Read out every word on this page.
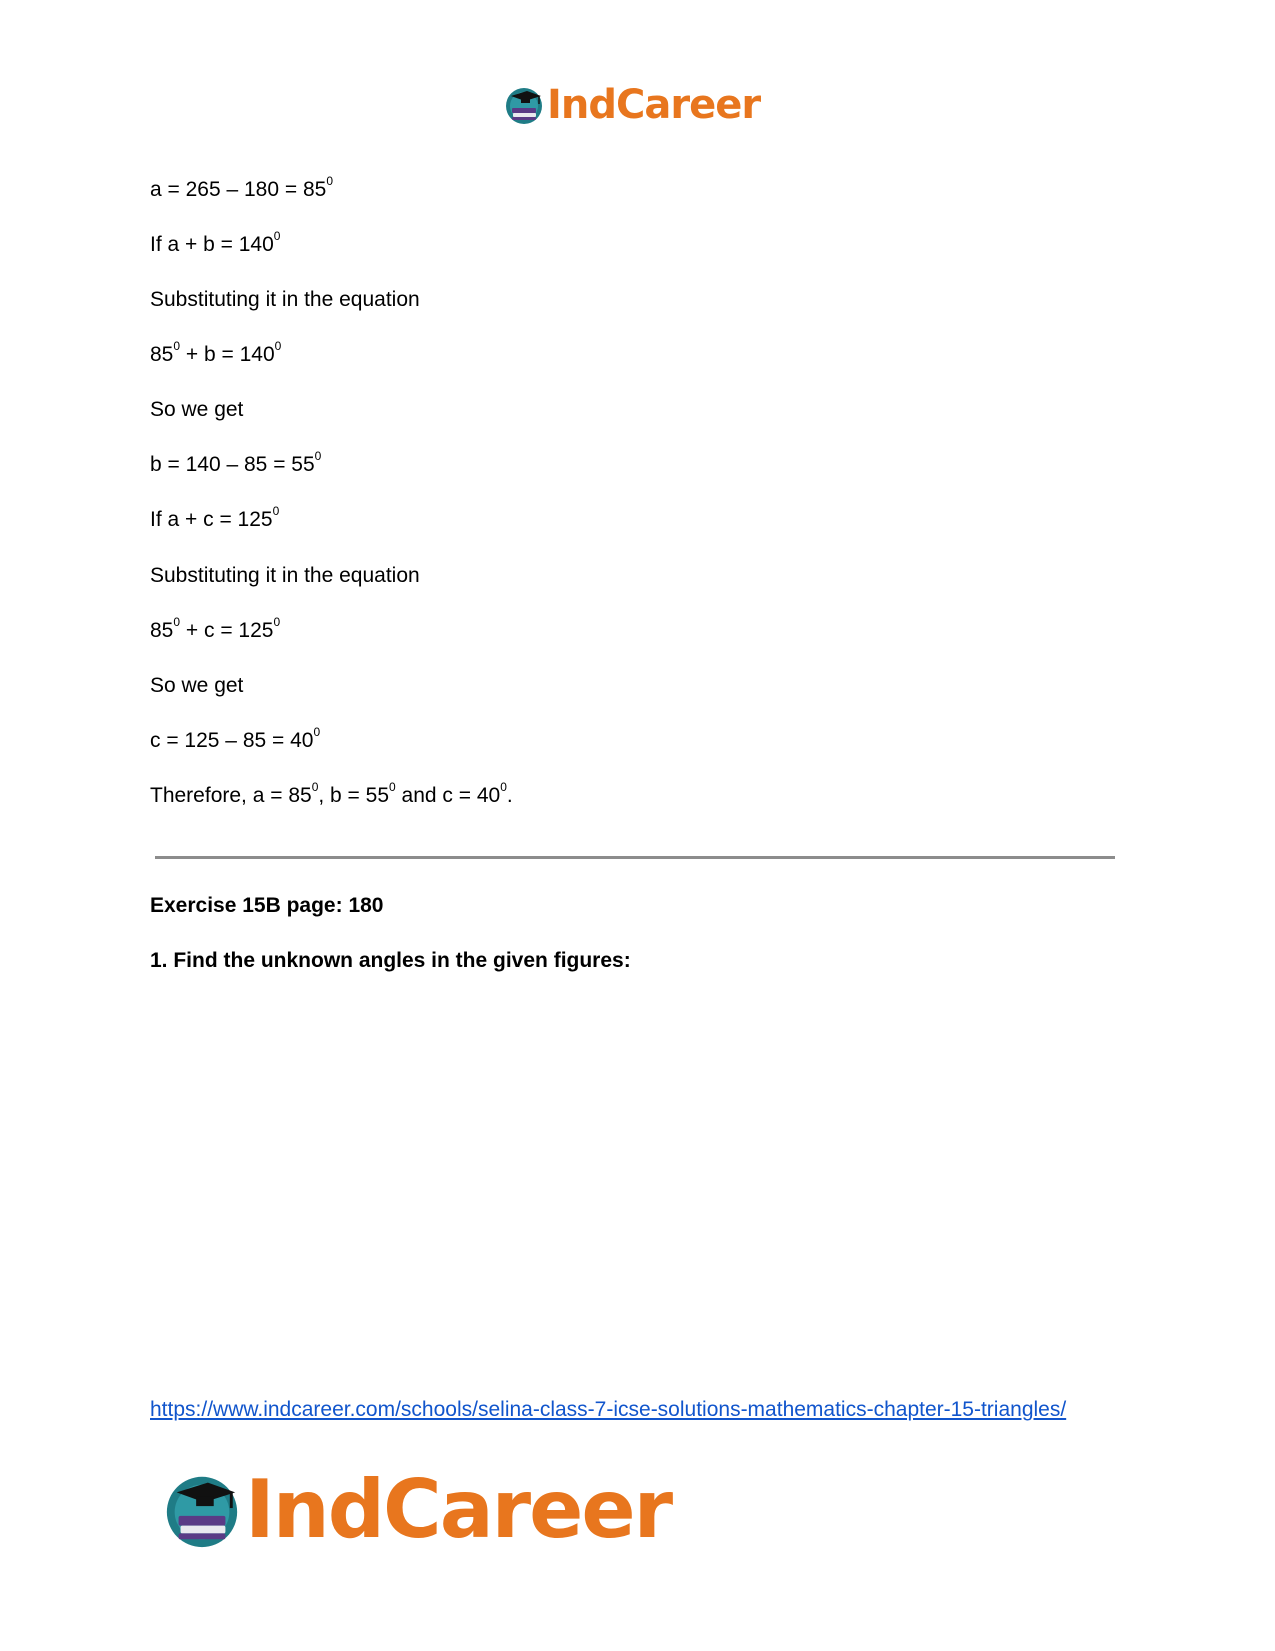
IndCareer
$a = 265 - 180 = 85^0$
If $a + b = 140^0$
Substituting it in the equation
$85^0 + b = 140^0$
So we get
$b = 140 - 85 = 55^0$
If $a + c = 125^0$
Substituting it in the equation
$85^0 + c = 125^0$
So we get
$c = 125 - 85 = 40^0$
Therefore, $a = 85^0$, $b = 55^0$ and $c = 40^0$.
Exercise 15B page: 180
1. Find the unknown angles in the given figures:
https://www.indcareer.com/schools/selina-class-7-icse-solutions-mathematics-chapter-15-triangles/
IndCareer
